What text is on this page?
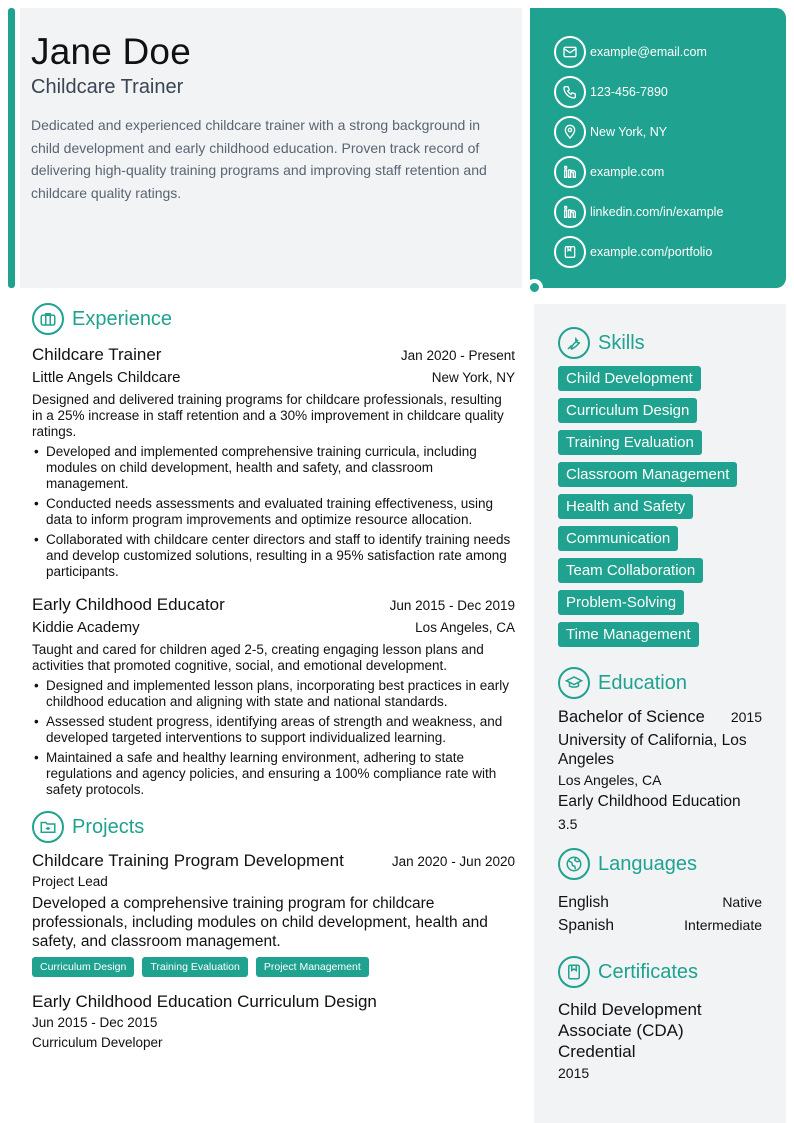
Jane Doe
Childcare Trainer
Dedicated and experienced childcare trainer with a strong background in child development and early childhood education. Proven track record of delivering high-quality training programs and improving staff retention and childcare quality ratings.
example@email.com
123-456-7890
New York, NY
example.com
linkedin.com/in/example
example.com/portfolio
Experience
Childcare Trainer	Jan 2020 - Present
Little Angels Childcare	New York, NY
Designed and delivered training programs for childcare professionals, resulting in a 25% increase in staff retention and a 30% improvement in childcare quality ratings.
• Developed and implemented comprehensive training curricula, including modules on child development, health and safety, and classroom management.
• Conducted needs assessments and evaluated training effectiveness, using data to inform program improvements and optimize resource allocation.
• Collaborated with childcare center directors and staff to identify training needs and develop customized solutions, resulting in a 95% satisfaction rate among participants.
Early Childhood Educator	Jun 2015 - Dec 2019
Kiddie Academy	Los Angeles, CA
Taught and cared for children aged 2-5, creating engaging lesson plans and activities that promoted cognitive, social, and emotional development.
• Designed and implemented lesson plans, incorporating best practices in early childhood education and aligning with state and national standards.
• Assessed student progress, identifying areas of strength and weakness, and developed targeted interventions to support individualized learning.
• Maintained a safe and healthy learning environment, adhering to state regulations and agency policies, and ensuring a 100% compliance rate with safety protocols.
Projects
Childcare Training Program Development	Jan 2020 - Jun 2020
Project Lead
Developed a comprehensive training program for childcare professionals, including modules on child development, health and safety, and classroom management.
Curriculum Design	Training Evaluation	Project Management
Early Childhood Education Curriculum Design
Jun 2015 - Dec 2015
Curriculum Developer
Skills
Child Development
Curriculum Design
Training Evaluation
Classroom Management
Health and Safety
Communication
Team Collaboration
Problem-Solving
Time Management
Education
Bachelor of Science 2015
University of California, Los Angeles
Los Angeles, CA
Early Childhood Education
3.5
Languages
English	Native
Spanish	Intermediate
Certificates
Child Development Associate (CDA) Credential
2015
